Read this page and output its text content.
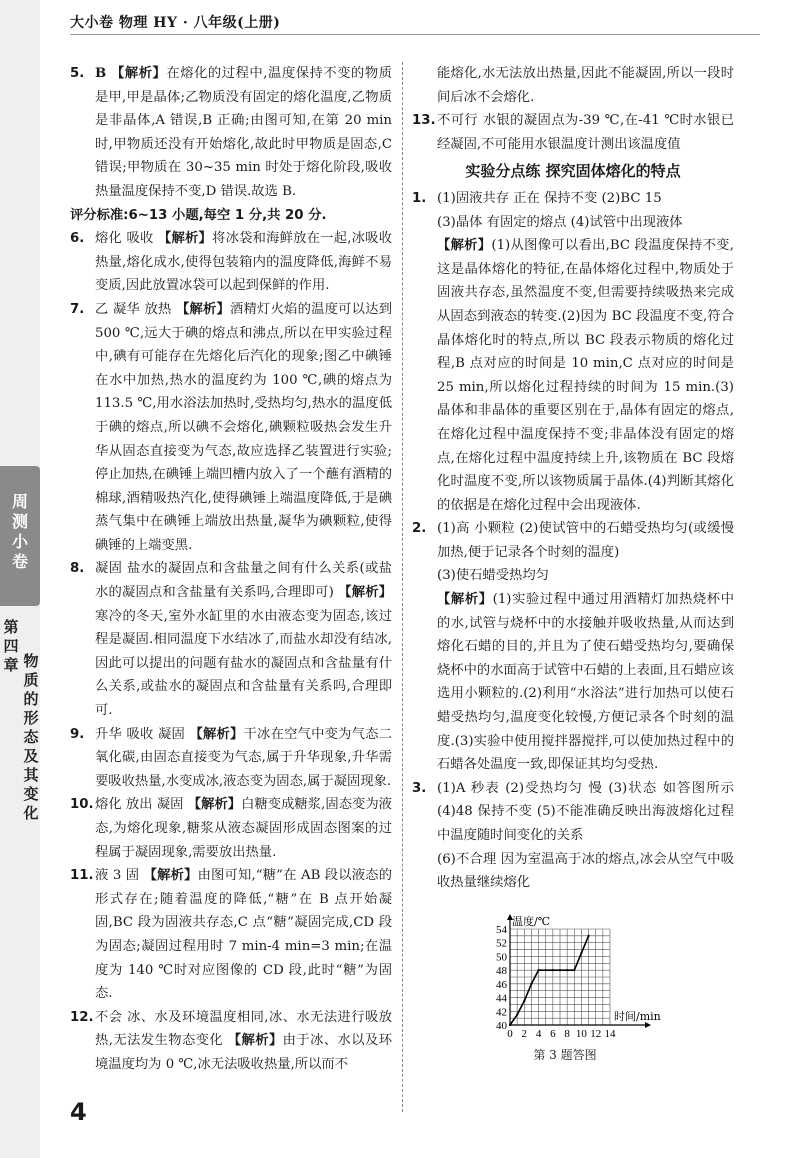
大小卷 物理 HY · 八年级(上册)
周
测
小
卷
第
四
章 物
质
的
形
态
及
其
变
化
5. B 【解析】在熔化的过程中,温度保持不变的物质是甲,甲是晶体;乙物质没有固定的熔化温度,乙物质是非晶体,A 错误,B 正确;由图可知,在第 20 min 时,甲物质还没有开始熔化,故此时甲物质是固态,C 错误;甲物质在 30~35 min 时处于熔化阶段,吸收热量温度保持不变,D 错误.故选 B.
评分标准:6~13 小题,每空 1 分,共 20 分.
6. 熔化 吸收 【解析】将冰袋和海鲜放在一起,冰吸收热量,熔化成水,使得包装箱内的温度降低,海鲜不易变质,因此放置冰袋可以起到保鲜的作用.
7. 乙 凝华 放热 【解析】酒精灯火焰的温度可以达到 500 ℃,远大于碘的熔点和沸点,所以在甲实验过程中,碘有可能存在先熔化后汽化的现象;图乙中碘锤在水中加热,热水的温度约为 100 ℃,碘的熔点为 113.5 ℃,用水浴法加热时,受热均匀,热水的温度低于碘的熔点,所以碘不会熔化,碘颗粒吸热会发生升华从固态直接变为气态,故应选择乙装置进行实验;停止加热,在碘锤上端凹槽内放入了一个蘸有酒精的棉球,酒精吸热汽化,使得碘锤上端温度降低,于是碘蒸气集中在碘锤上端放出热量,凝华为碘颗粒,使得碘锤的上端变黑.
8. 凝固 盐水的凝固点和含盐量之间有什么关系(或盐水的凝固点和含盐量有关系吗,合理即可) 【解析】寒冷的冬天,室外水缸里的水由液态变为固态,该过程是凝固.相同温度下水结冰了,而盐水却没有结冰,因此可以提出的问题有盐水的凝固点和含盐量有什么关系,或盐水的凝固点和含盐量有关系吗,合理即可.
9. 升华 吸收 凝固 【解析】干冰在空气中变为气态二氧化碳,由固态直接变为气态,属于升华现象,升华需要吸收热量,水变成冰,液态变为固态,属于凝固现象.
10. 熔化 放出 凝固 【解析】白糖变成糖浆,固态变为液态,为熔化现象,糖浆从液态凝固形成固态图案的过程属于凝固现象,需要放出热量.
11. 液 3 固 【解析】由图可知,“糖”在 AB 段以液态的形式存在;随着温度的降低,“糖”在 B 点开始凝固,BC 段为固液共存态,C 点“糖”凝固完成,CD 段为固态;凝固过程用时 7 min-4 min=3 min;在温度为 140 ℃时对应图像的 CD 段,此时“糖”为固态.
12. 不会 冰、水及环境温度相同,冰、水无法进行吸放热,无法发生物态变化 【解析】由于冰、水以及环境温度均为 0 ℃,冰无法吸收热量,所以而不
能熔化,水无法放出热量,因此不能凝固,所以一段时间后冰不会熔化.
13. 不可行 水银的凝固点为-39 ℃,在-41 ℃时水银已经凝固,不可能用水银温度计测出该温度值
实验分点练 探究固体熔化的特点
1. (1)固液共存 正在 保持不变 (2)BC 15
(3)晶体 有固定的熔点 (4)试管中出现液体
【解析】(1)从图像可以看出,BC 段温度保持不变,这是晶体熔化的特征,在晶体熔化过程中,物质处于固液共存态,虽然温度不变,但需要持续吸热来完成从固态到液态的转变.(2)因为 BC 段温度不变,符合晶体熔化时的特点,所以 BC 段表示物质的熔化过程,B 点对应的时间是 10 min,C 点对应的时间是 25 min,所以熔化过程持续的时间为 15 min.(3)晶体和非晶体的重要区别在于,晶体有固定的熔点,在熔化过程中温度保持不变;非晶体没有固定的熔点,在熔化过程中温度持续上升,该物质在 BC 段熔化时温度不变,所以该物质属于晶体.(4)判断其熔化的依据是在熔化过程中会出现液体.
2. (1)高 小颗粒 (2)使试管中的石蜡受热均匀(或缓慢加热,便于记录各个时刻的温度)
(3)使石蜡受热均匀
【解析】(1)实验过程中通过用酒精灯加热烧杯中的水,试管与烧杯中的水接触并吸收热量,从而达到熔化石蜡的目的,并且为了使石蜡受热均匀,要确保烧杯中的水面高于试管中石蜡的上表面,且石蜡应该选用小颗粒的.(2)利用“水浴法”进行加热可以使石蜡受热均匀,温度变化较慢,方便记录各个时刻的温度.(3)实验中使用搅拌器搅拌,可以使加热过程中的石蜡各处温度一致,即保证其均匀受热.
3. (1)A 秒表 (2)受热均匀 慢 (3)状态 如答图所示 (4)48 保持不变 (5)不能准确反映出海波熔化过程中温度随时间变化的关系
(6)不合理 因为室温高于冰的熔点,冰会从空气中吸收热量继续熔化
40
42
44
46
48
50
52
54
0 2 4 6 8 10 12 14
温度/℃
时间/min
第 3 题答图
4
